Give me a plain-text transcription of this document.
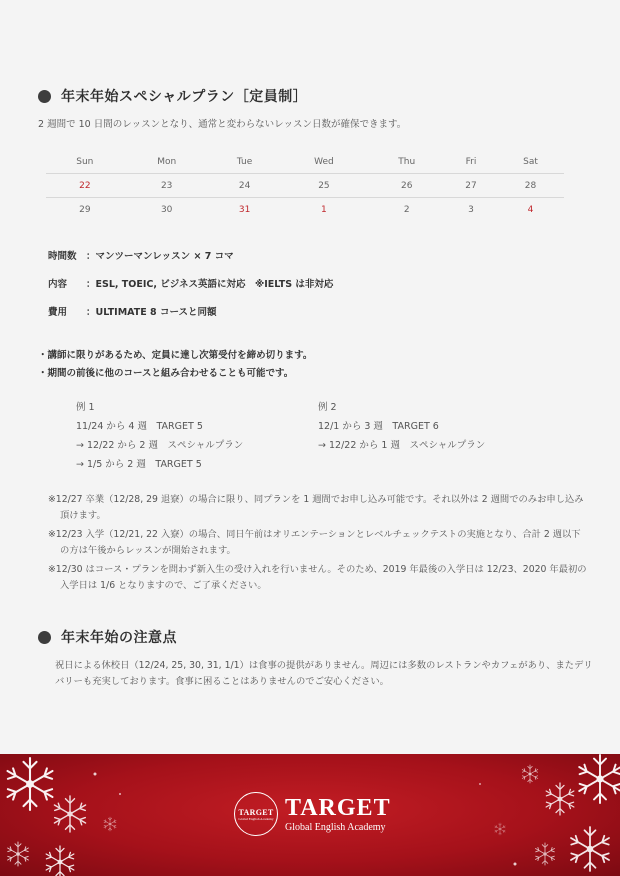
年末年始スペシャルプラン［定員制］
2 週間で 10 日間のレッスンとなり、通常と変わらないレッスン日数が確保できます。
Sun	Mon	Tue	Wed	Thu	Fri	Sat
22	23	24	25	26	27	28
29	30	31	1	2	3	4
時間数 ：マンツーマンレッスン × 7 コマ
内容 ：ESL, TOEIC, ビジネス英語に対応　※IELTS は非対応
費用 ：ULTIMATE 8 コースと同額
・講師に限りがあるため、定員に達し次第受付を締め切ります。
・期間の前後に他のコースと組み合わせることも可能です。
例 1
11/24 から 4 週　TARGET 5
→ 12/22 から 2 週　スペシャルプラン
→ 1/5 から 2 週　TARGET 5
例 2
12/1 から 3 週　TARGET 6
→ 12/22 から 1 週　スペシャルプラン
※12/27 卒業（12/28, 29 退寮）の場合に限り、同プランを 1 週間でお申し込み可能です。それ以外は 2 週間でのみお申し込み頂けます。
※12/23 入学（12/21, 22 入寮）の場合、同日午前はオリエンテーションとレベルチェックテストの実施となり、合計 2 週以下の方は午後からレッスンが開始されます。
※12/30 はコース・プランを問わず新入生の受け入れを行いません。そのため、2019 年最後の入学日は 12/23、2020 年最初の入学日は 1/6 となりますので、ご了承ください。
年末年始の注意点
祝日による休校日（12/24, 25, 30, 31, 1/1）は食事の提供がありません。周辺には多数のレストランやカフェがあり、またデリバリーも充実しております。食事に困ることはありませんのでご安心ください。
TARGET
Global English Academy TARGET
Global English Academy
